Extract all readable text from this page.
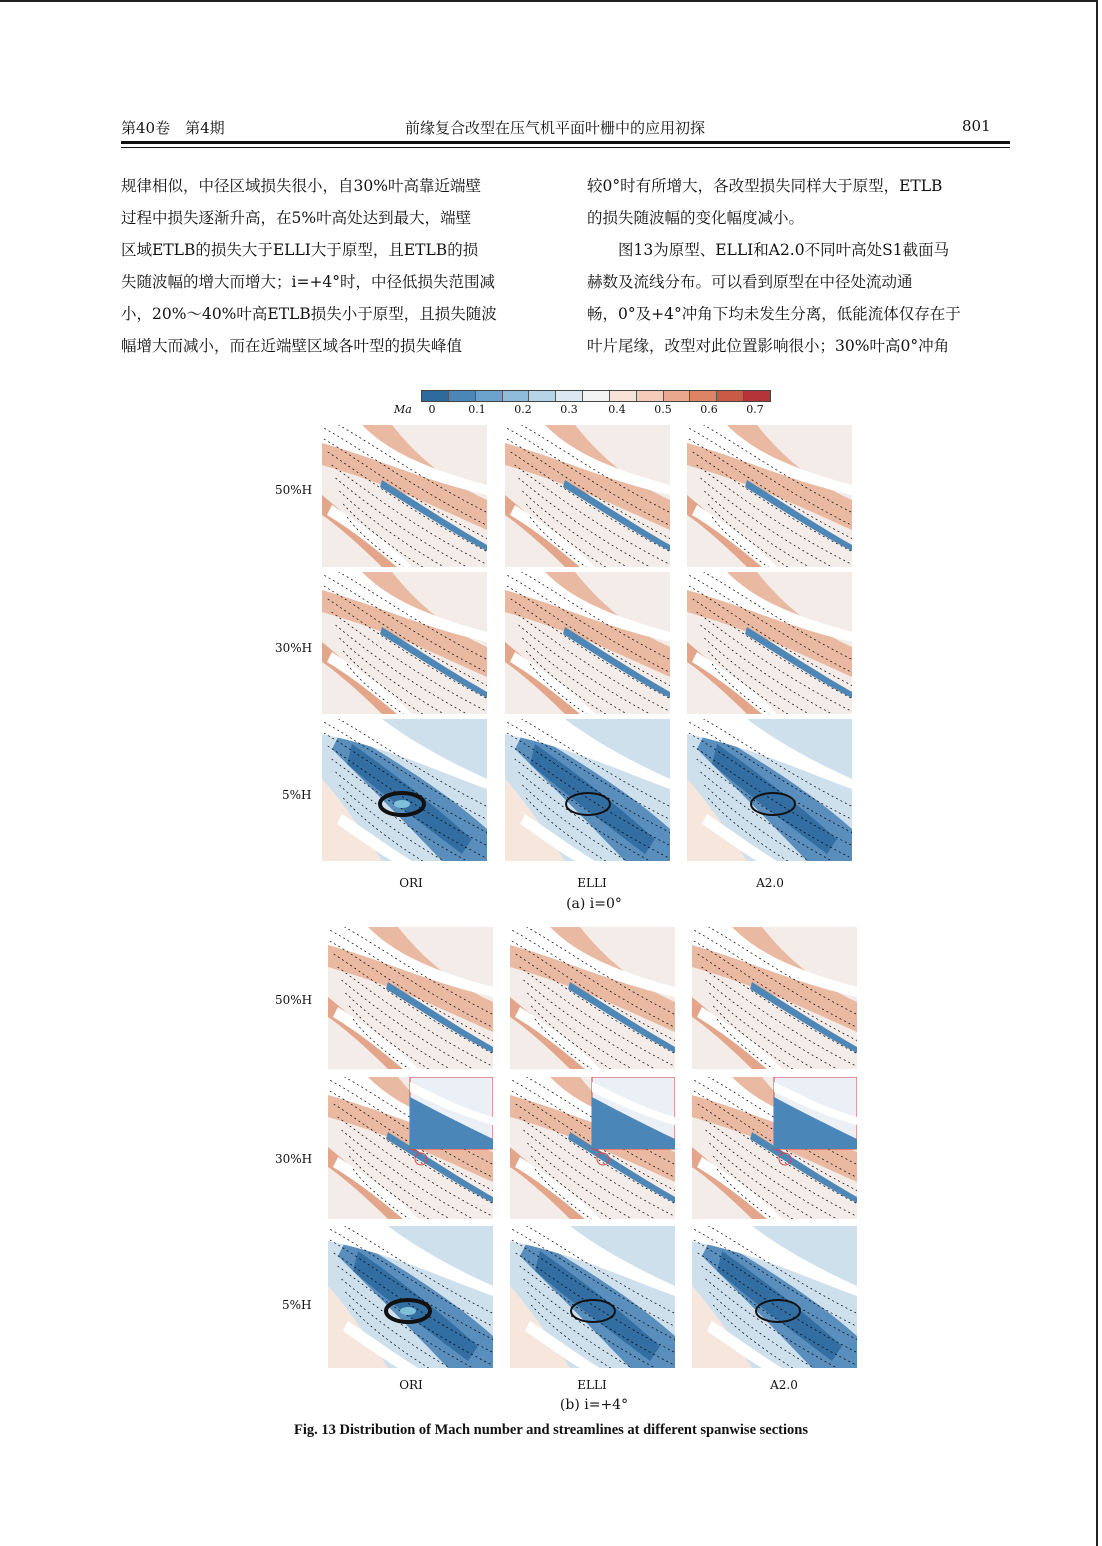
第40卷　第4期	前缘复合改型在压气机平面叶栅中的应用初探	801
规律相似，中径区域损失很小，自30%叶高靠近端壁
过程中损失逐渐升高，在5%叶高处达到最大，端壁
区域ETLB的损失大于ELLI大于原型，且ETLB的损
失随波幅的增大而增大；i=+4°时，中径低损失范围减
小，20%～40%叶高ETLB损失小于原型，且损失随波
幅增大而减小，而在近端壁区域各叶型的损失峰值
较0°时有所增大，各改型损失同样大于原型，ETLB
的损失随波幅的变化幅度减小。
图13为原型、ELLI和A2.0不同叶高处S1截面马
赫数及流线分布。可以看到原型在中径处流动通
畅，0°及+4°冲角下均未发生分离，低能流体仅存在于
叶片尾缘，改型对此位置影响很小；30%叶高0°冲角
Ma 0	0.1	0.2	0.3	0.4	0.5	0.6	0.7
50%H
30%H
5%H
50%H
30%H
5%H
ORI	ELLI	A2.0
(a) i=0°
ORI	ELLI	A2.0
(b) i=+4°
Fig. 13 Distribution of Mach number and streamlines at different spanwise sections
